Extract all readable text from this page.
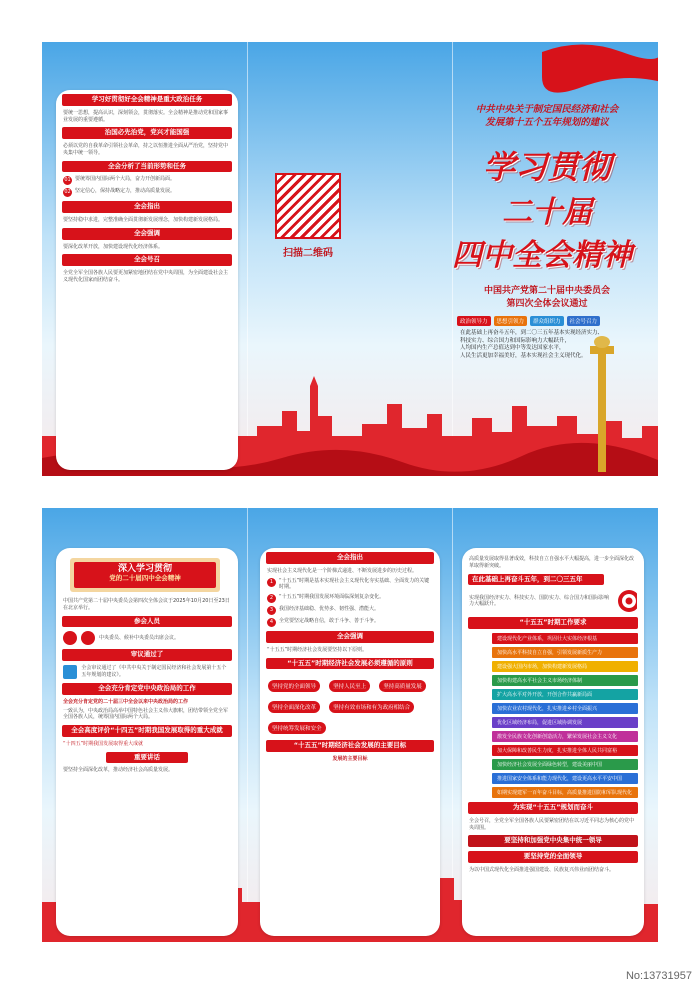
学习好贯彻好全会精神是重大政治任务
要统一思想，提高认识，深刻领会，贯彻落实。全会精神是推动党和国家事业发展的重要遵循。
治国必先治党，党兴才能国强
必须以党的自我革命引领社会革命，持之以恒推进全面从严治党，坚持党中央集中统一领导。
全会分析了当前形势和任务
01 要统筹国内国际两个大局，奋力开创新局面。
02 坚定信心，保持战略定力，推动高质量发展。
全会指出
要坚持稳中求进，完整准确全面贯彻新发展理念，加快构建新发展格局。
全会强调
要深化改革开放，加快建设现代化经济体系。
全会号召
全党全军全国各族人民要更加紧密地团结在党中央周围，为全面建设社会主义现代化国家而团结奋斗。
扫描二维码
中共中央关于制定国民经济和社会
发展第十五个五年规划的建议
学习贯彻
二十届
四中全会精神
中国共产党第二十届中央委员会
第四次全体会议通过
政治领导力	思想引领力	群众组织力	社会号召力
在此基础上再奋斗五年，到二〇三五年基本实现经济实力、
科技实力、综合国力和国际影响力大幅跃升，
人均国内生产总值达到中等发达国家水平，
人民生活更加幸福美好，基本实现社会主义现代化。
深入学习贯彻
党的二十届四中全会精神
中国共产党第二十届中央委员会第四次全体会议于2025年10月20日至23日在北京举行。
参会人员
中央委员、候补中央委员出席会议。
审议通过了
全会审议通过了《中共中央关于制定国民经济和社会发展第十五个五年规划的建议》。
全会充分肯定党中央政治局的工作
全会充分肯定党的二十届三中全会以来中央政治局的工作
一致认为，中央政治局高举中国特色社会主义伟大旗帜，团结带领全党全军全国各族人民，统筹国内国际两个大局。
全会高度评价“十四五”时期我国发展取得的重大成就
“十四五”时期我国发展取得重大成就
重要讲话
要坚持全面深化改革，推动经济社会高质量发展。
全会指出
实现社会主义现代化是一个阶梯式递进、不断发展进步的历史过程。
1	“十五五”时期是基本实现社会主义现代化夯实基础、全面发力的关键时期。
2	“十五五”时期我国发展环境面临深刻复杂变化。
3	我国经济基础稳、优势多、韧性强、潜能大。
4	全党要坚定战略自信，敢于斗争、善于斗争。
全会强调
“十五五”时期经济社会发展要坚持以下原则。
“十五五”时期经济社会发展必须遵循的原则
坚持党的全面领导	坚持人民至上	坚持高质量发展 坚持全面深化改革	坚持有效市场和有为政府相结合 坚持统筹发展和安全
“十五五”时期经济社会发展的主要目标
发展的主要目标
高质量发展取得显著成效，科技自立自强水平大幅提高，进一步全面深化改革取得新突破。
在此基础上再奋斗五年，到二〇三五年
实现我国经济实力、科技实力、国防实力、综合国力和国际影响力大幅跃升。
“十五五”时期工作要求
建设现代化产业体系，巩固壮大实体经济根基
加快高水平科技自立自强，引领发展新质生产力
建设强大国内市场，加快构建新发展格局
加快构建高水平社会主义市场经济体制
扩大高水平对外开放，开创合作共赢新局面
加快农业农村现代化，扎实推进乡村全面振兴
优化区域经济布局，促进区域协调发展
激发全民族文化创新创造活力，繁荣发展社会主义文化
加大保障和改善民生力度，扎实推进全体人民共同富裕
加快经济社会发展全面绿色转型，建设美丽中国
推进国家安全体系和能力现代化，建设更高水平平安中国
如期实现建军一百年奋斗目标，高质量推进国防和军队现代化
为实现“十五五”规划而奋斗
全会号召，全党全军全国各族人民要紧密团结在以习近平同志为核心的党中央周围。
要坚持和加强党中央集中统一领导
要坚持党的全面领导
为以中国式现代化全面推进强国建设、民族复兴伟业而团结奋斗。
No:13731957
